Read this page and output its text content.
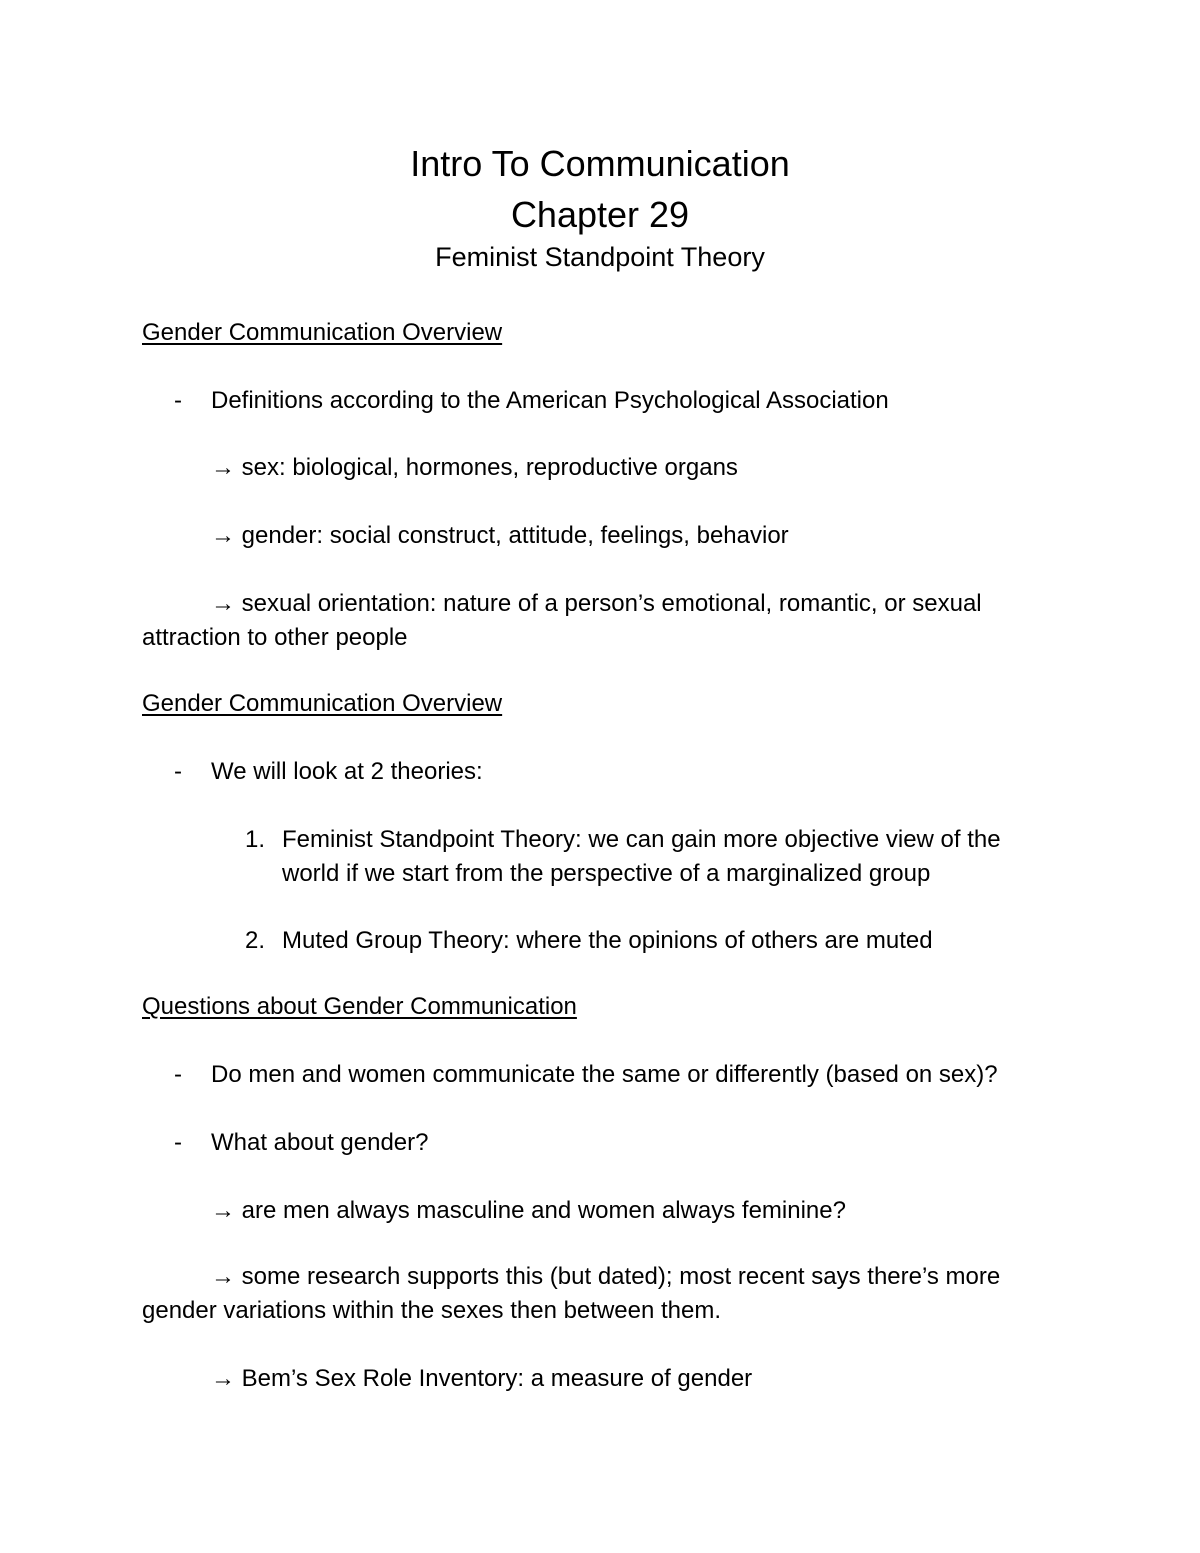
Intro To Communication
Chapter 29
Feminist Standpoint Theory
Gender Communication Overview
- Definitions according to the American Psychological Association
→ sex: biological, hormones, reproductive organs
→ gender: social construct, attitude, feelings, behavior
→ sexual orientation: nature of a person’s emotional, romantic, or sexual
attraction to other people
Gender Communication Overview
- We will look at 2 theories:
1. Feminist Standpoint Theory: we can gain more objective view of the
world if we start from the perspective of a marginalized group
2. Muted Group Theory: where the opinions of others are muted
Questions about Gender Communication
- Do men and women communicate the same or differently (based on sex)?
- What about gender?
→ are men always masculine and women always feminine?
→ some research supports this (but dated); most recent says there’s more
gender variations within the sexes then between them.
→ Bem’s Sex Role Inventory: a measure of gender
